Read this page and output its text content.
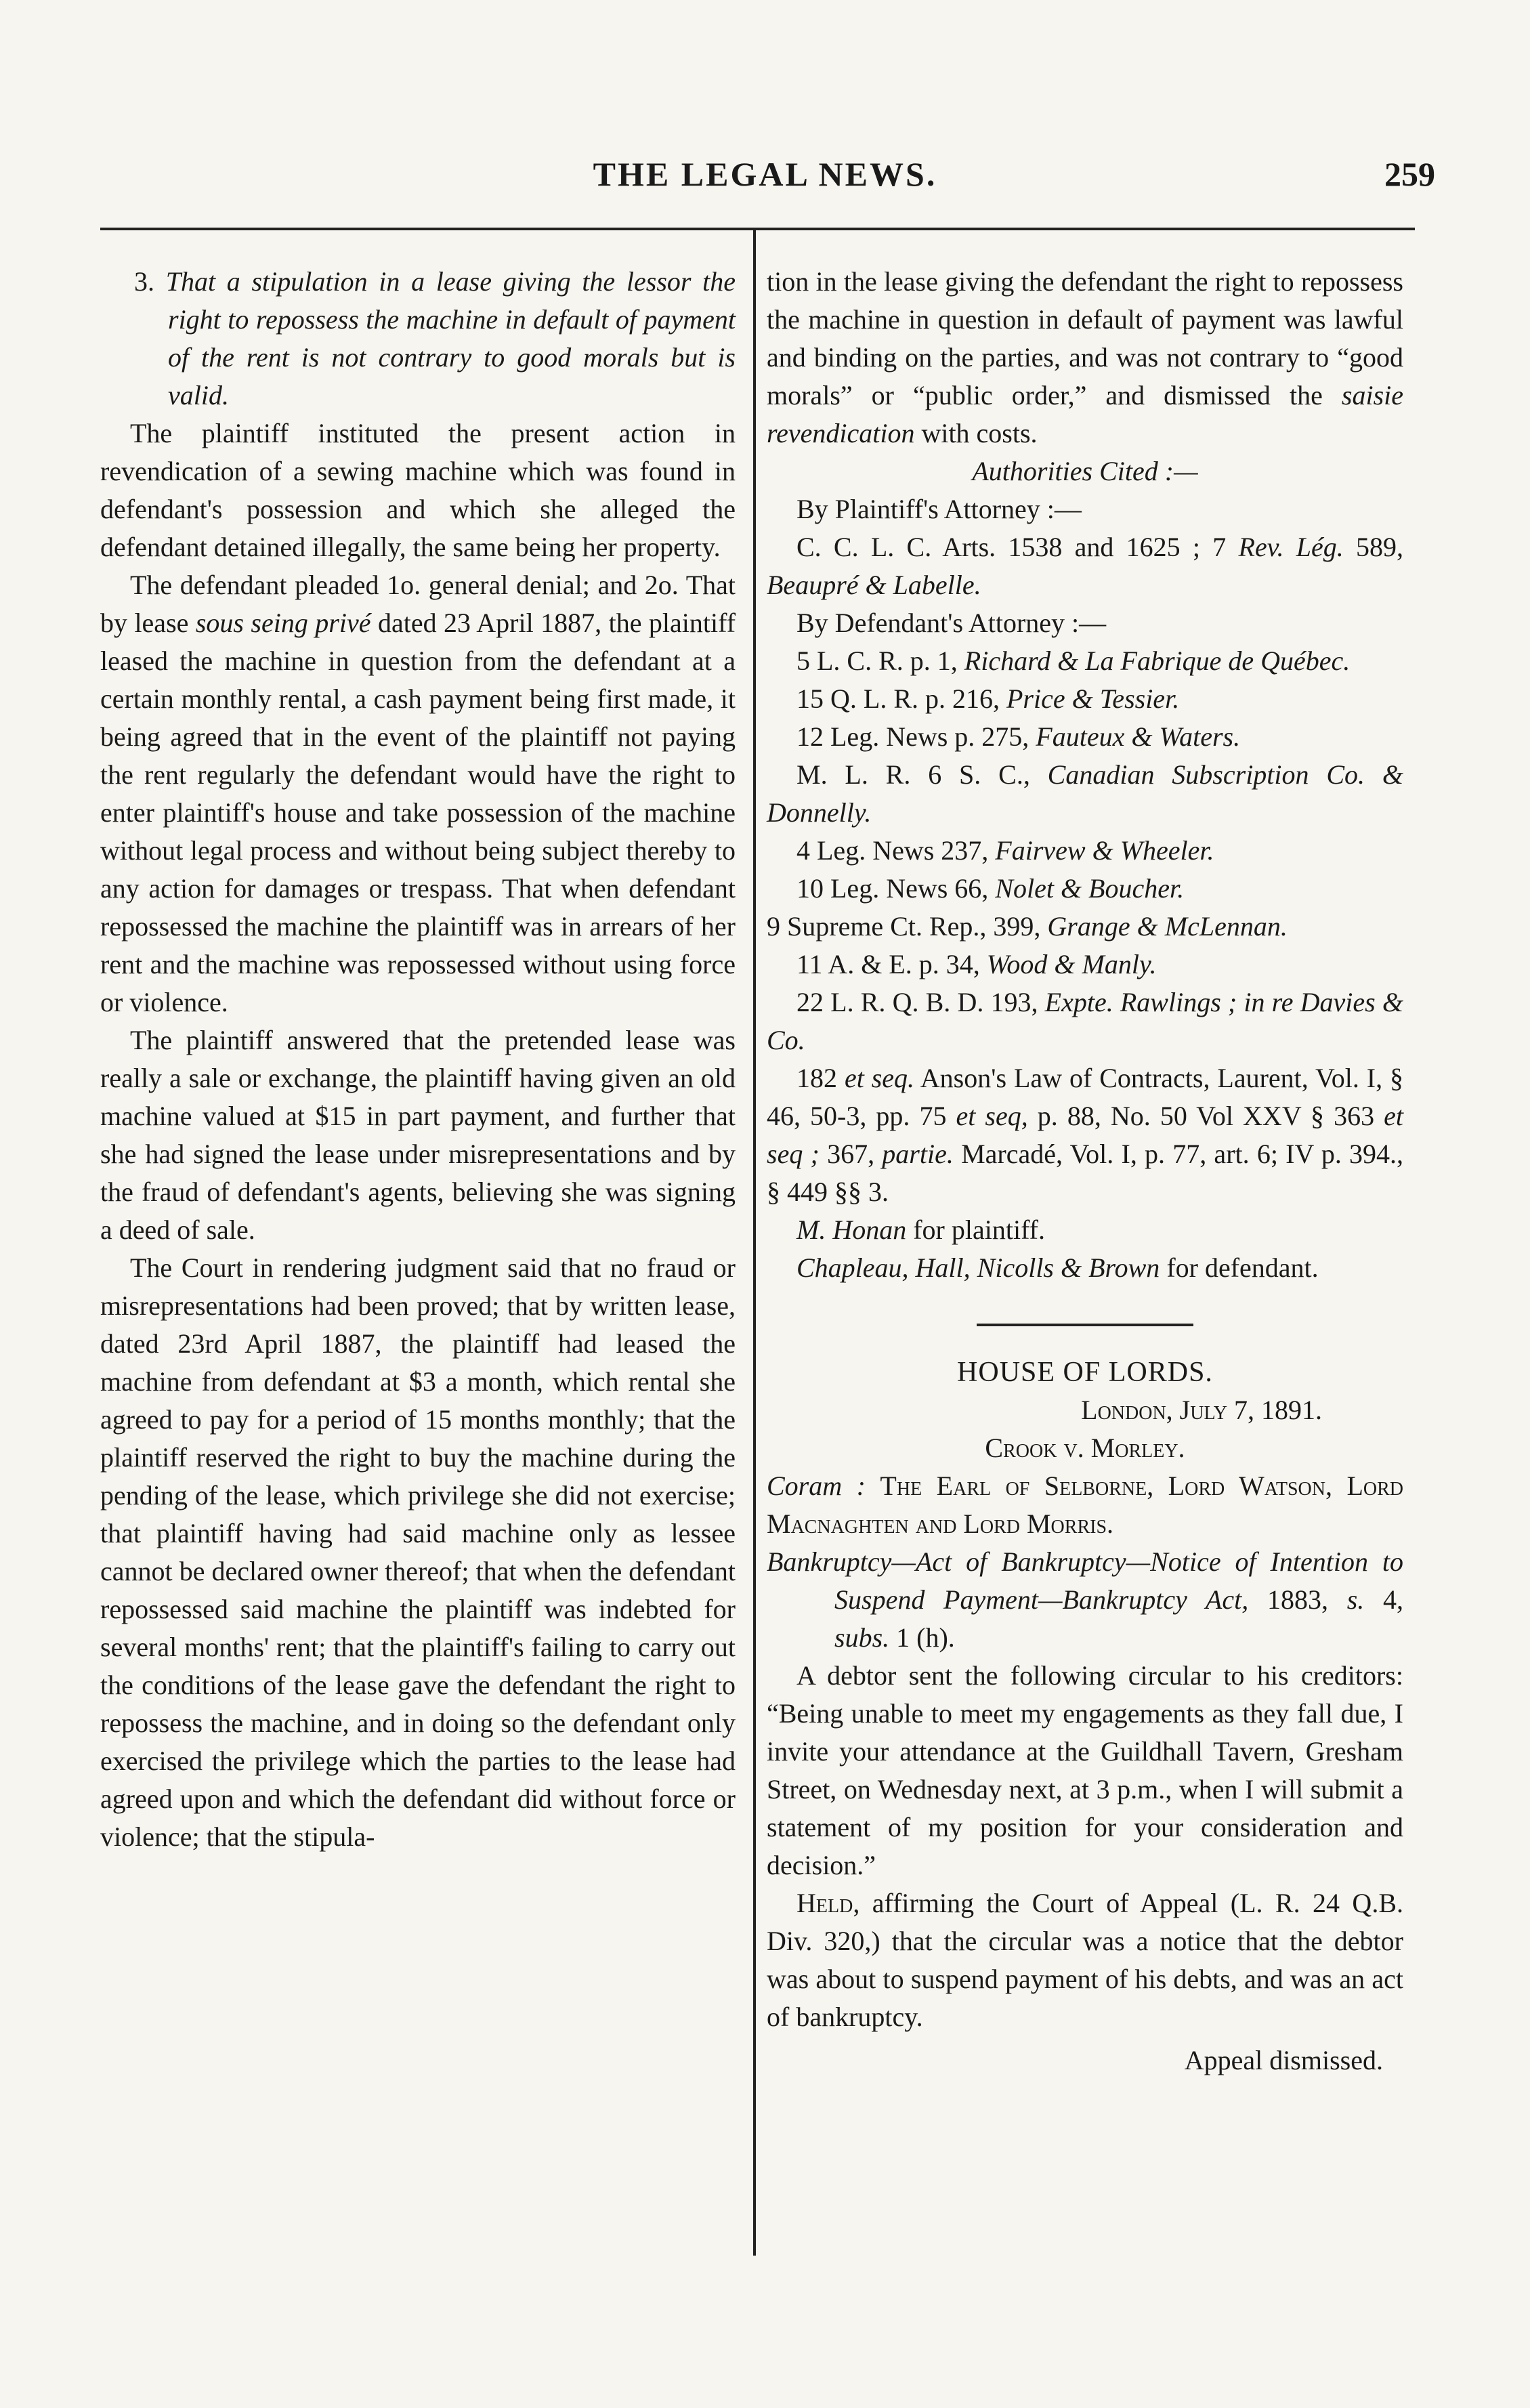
THE LEGAL NEWS.	259

3. That a stipulation in a lease giving the lessor the right to repossess the machine in default of payment of the rent is not contrary to good morals but is valid.

The plaintiff instituted the present action in revendication of a sewing machine which was found in defendant's possession and which she alleged the defendant detained illegally, the same being her property.

The defendant pleaded 1o. general denial; and 2o. That by lease sous seing privé dated 23 April 1887, the plaintiff leased the machine in question from the defendant at a certain monthly rental, a cash payment being first made, it being agreed that in the event of the plaintiff not paying the rent regularly the defendant would have the right to enter plaintiff's house and take possession of the machine without legal process and without being subject thereby to any action for damages or trespass. That when defendant repossessed the machine the plaintiff was in arrears of her rent and the machine was repossessed without using force or violence.

The plaintiff answered that the pretended lease was really a sale or exchange, the plaintiff having given an old machine valued at $15 in part payment, and further that she had signed the lease under misrepresentations and by the fraud of defendant's agents, believing she was signing a deed of sale.

The Court in rendering judgment said that no fraud or misrepresentations had been proved; that by written lease, dated 23rd April 1887, the plaintiff had leased the machine from defendant at $3 a month, which rental she agreed to pay for a period of 15 months monthly; that the plaintiff reserved the right to buy the machine during the pending of the lease, which privilege she did not exercise; that plaintiff having had said machine only as lessee cannot be declared owner thereof; that when the defendant repossessed said machine the plaintiff was indebted for several months' rent; that the plaintiff's failing to carry out the conditions of the lease gave the defendant the right to repossess the machine, and in doing so the defendant only exercised the privilege which the parties to the lease had agreed upon and which the defendant did without force or violence; that the stipula-

tion in the lease giving the defendant the right to repossess the machine in question in default of payment was lawful and binding on the parties, and was not contrary to “good morals” or “public order,” and dismissed the saisie revendication with costs.

Authorities Cited :—

By Plaintiff's Attorney :—

C. C. L. C. Arts. 1538 and 1625 ; 7 Rev. Lég. 589, Beaupré & Labelle.

By Defendant's Attorney :—

5 L. C. R. p. 1, Richard & La Fabrique de Québec.

15 Q. L. R. p. 216, Price & Tessier.

12 Leg. News p. 275, Fauteux & Waters.

M. L. R. 6 S. C., Canadian Subscription Co. & Donnelly.

4 Leg. News 237, Fairvew & Wheeler.

10 Leg. News 66, Nolet & Boucher.

9 Supreme Ct. Rep., 399, Grange & McLennan.

11 A. & E. p. 34, Wood & Manly.

22 L. R. Q. B. D. 193, Expte. Rawlings ; in re Davies & Co.

182 et seq. Anson's Law of Contracts, Laurent, Vol. I, § 46, 50-3, pp. 75 et seq, p. 88, No. 50 Vol XXV § 363 et seq ; 367, partie. Marcadé, Vol. I, p. 77, art. 6; IV p. 394., § 449 §§ 3.

M. Honan for plaintiff.

Chapleau, Hall, Nicolls & Brown for defendant.

HOUSE OF LORDS.

London, July 7, 1891.

Crook v. Morley.

Coram : The Earl of Selborne, Lord Watson, Lord Macnaghten and Lord Morris.

Bankruptcy—Act of Bankruptcy—Notice of Intention to Suspend Payment—Bankruptcy Act, 1883, s. 4, subs. 1 (h).

A debtor sent the following circular to his creditors: “Being unable to meet my engagements as they fall due, I invite your attendance at the Guildhall Tavern, Gresham Street, on Wednesday next, at 3 p.m., when I will submit a statement of my position for your consideration and decision.”

Held, affirming the Court of Appeal (L. R. 24 Q.B. Div. 320,) that the circular was a notice that the debtor was about to suspend payment of his debts, and was an act of bankruptcy.

Appeal dismissed.
